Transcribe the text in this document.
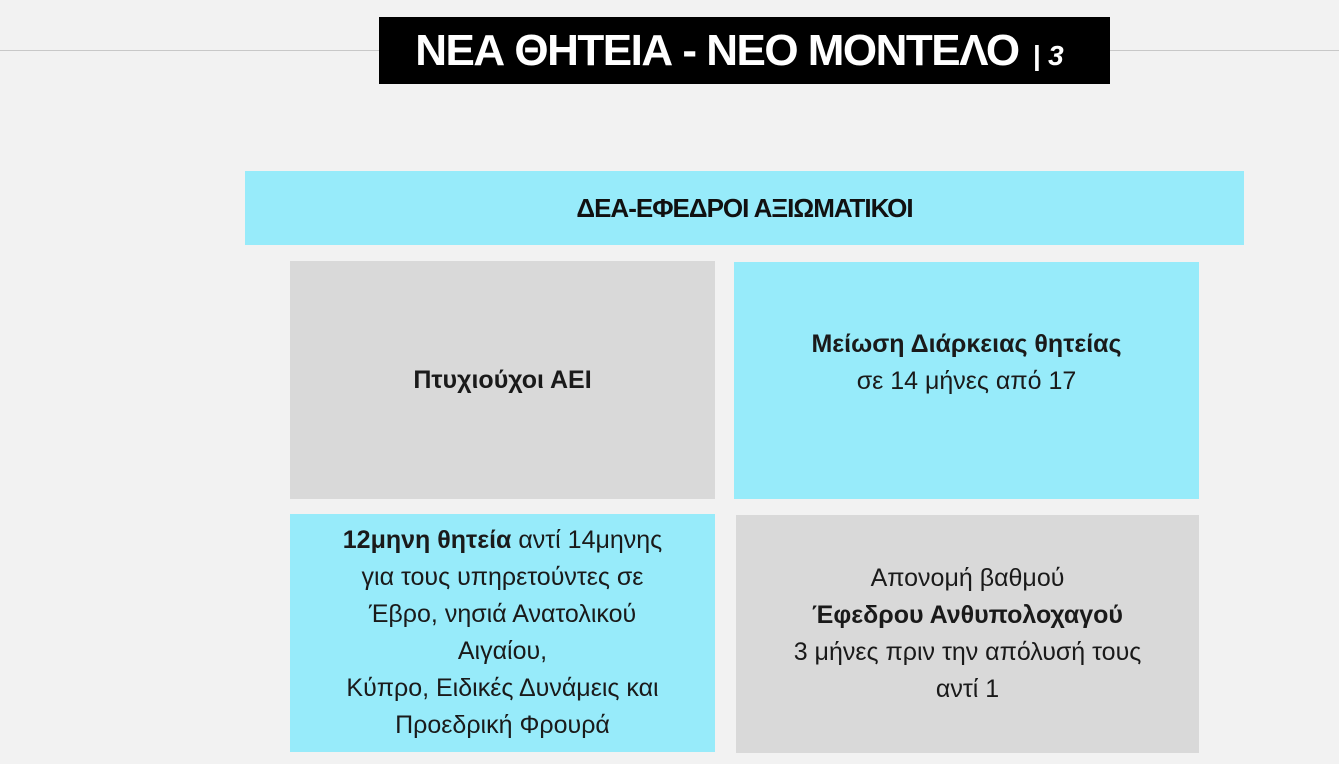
ΝΕΑ ΘΗΤΕΙΑ - ΝΕΟ ΜΟΝΤΕΛΟ | 3
ΔΕΑ-ΕΦΕΔΡΟΙ ΑΞΙΩΜΑΤΙΚΟΙ
Πτυχιούχοι ΑΕΙ
Μείωση Διάρκειας θητείας
σε 14 μήνες από 17
12μηνη θητεία αντί 14μηνης
για τους υπηρετούντες σε
Έβρο, νησιά Ανατολικού
Αιγαίου,
Κύπρο, Ειδικές Δυνάμεις και
Προεδρική Φρουρά
Απονομή βαθμού
Έφεδρου Ανθυπολοχαγού
3 μήνες πριν την απόλυσή τους
αντί 1
